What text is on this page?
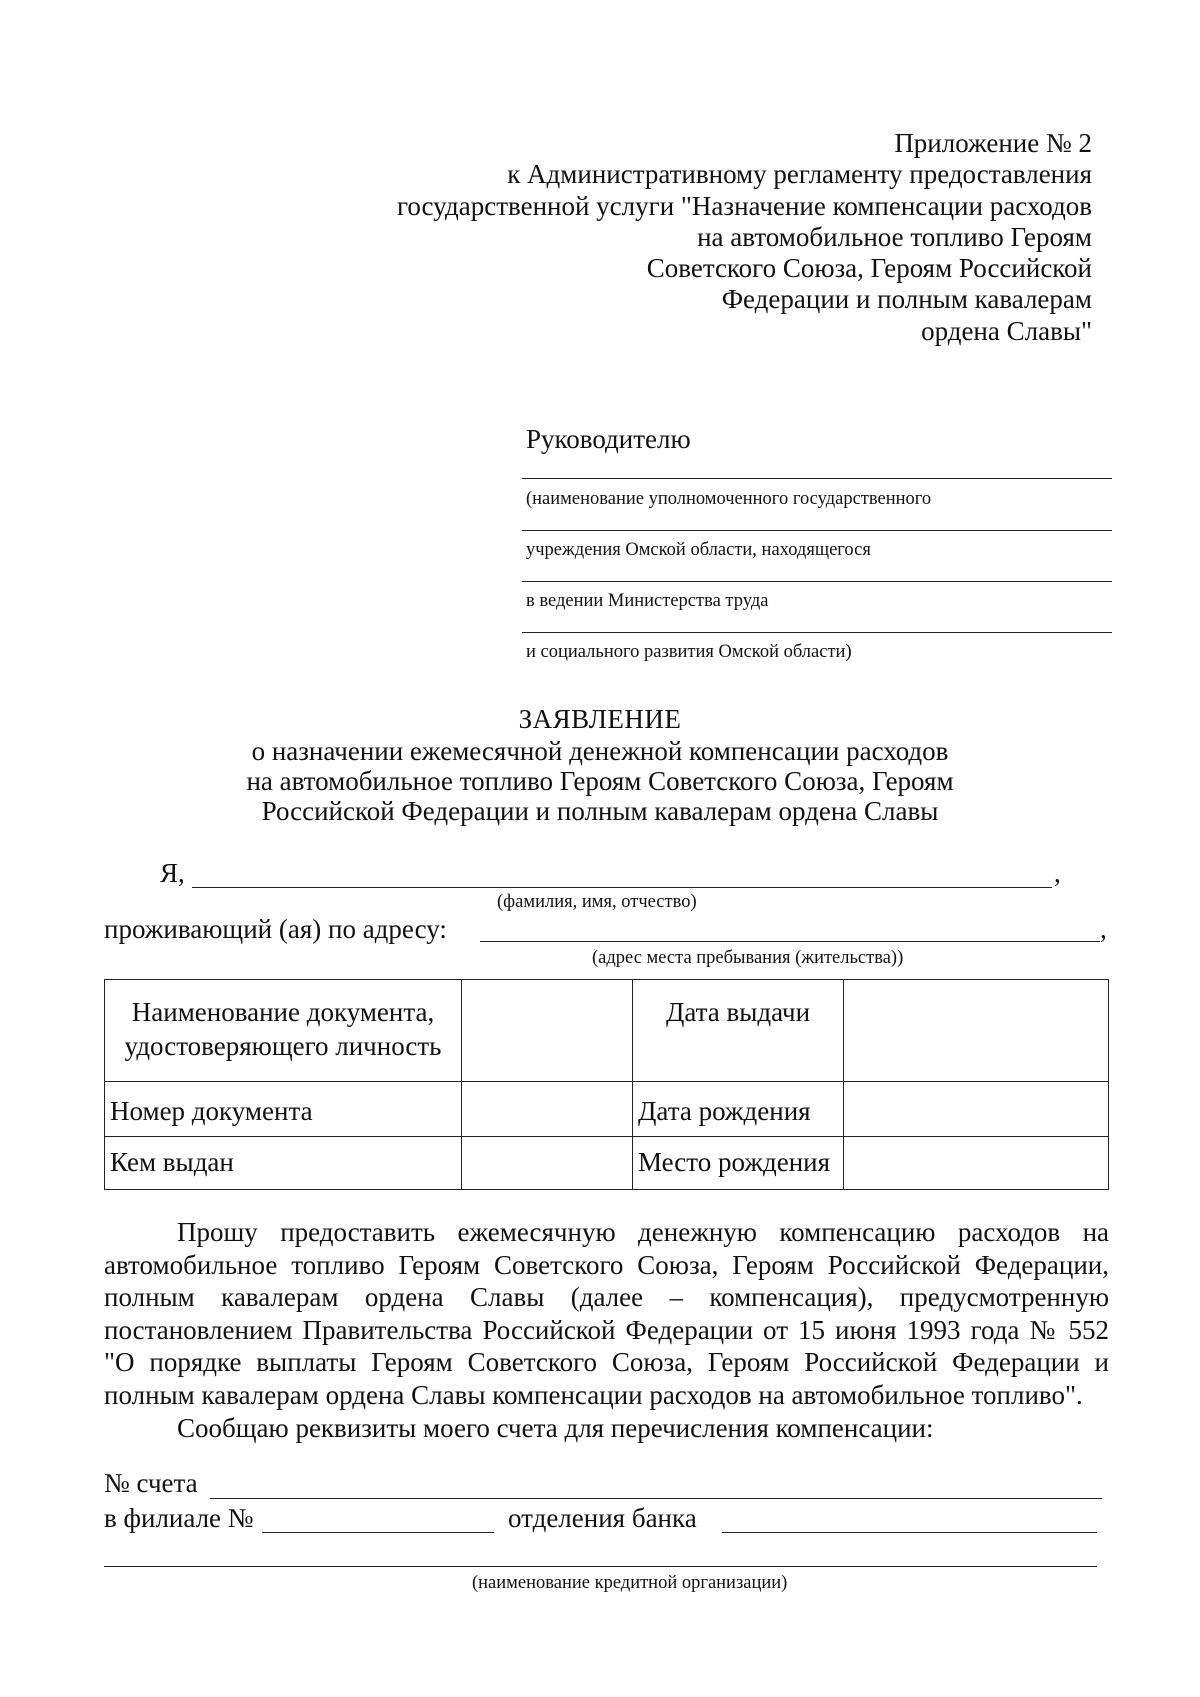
Приложение № 2
к Административному регламенту предоставления
государственной услуги "Назначение компенсации расходов
на автомобильное топливо Героям
Советского Союза, Героям Российской
Федерации и полным кавалерам
ордена Славы"
Руководителю
(наименование уполномоченного государственного
учреждения Омской области, находящегося
в ведении Министерства труда
и социального развития Омской области)
ЗАЯВЛЕНИЕ
о назначении ежемесячной денежной компенсации расходов
на автомобильное топливо Героям Советского Союза, Героям
Российской Федерации и полным кавалерам ордена Славы
Я,	,
(фамилия, имя, отчество)
проживающий (ая) по адресу:	,
(адрес места пребывания (жительства))
Наименование документа, удостоверяющего личность		Дата выдачи	
Номер документа		Дата рождения	
Кем выдан		Место рождения	

Прошу предоставить ежемесячную денежную компенсацию расходов на автомобильное топливо Героям Советского Союза, Героям Российской Федерации, полным кавалерам ордена Славы (далее – компенсация), предусмотренную постановлением Правительства Российской Федерации от 15 июня 1993 года № 552 "О порядке выплаты Героям Советского Союза, Героям Российской Федерации и полным кавалерам ордена Славы компенсации расходов на автомобильное топливо".

Сообщаю реквизиты моего счета для перечисления компенсации:

№ счета
в филиале №	отделения банка
(наименование кредитной организации)
